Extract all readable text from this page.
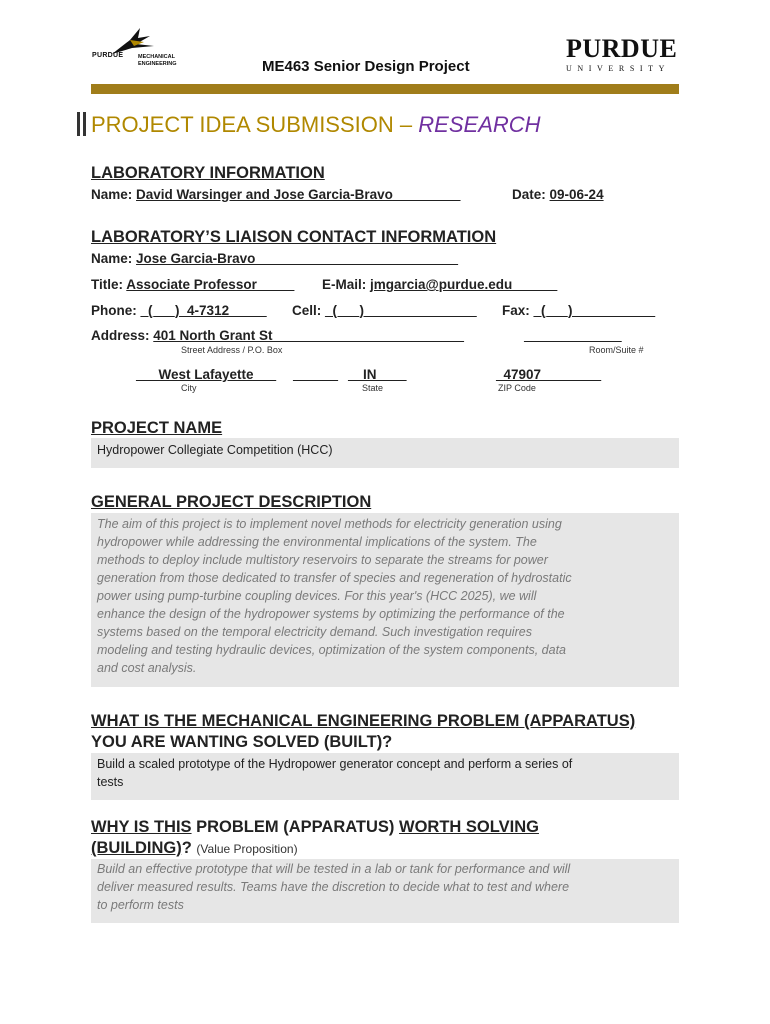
PURDUE	MECHANICAL
ENGINEERING	ME463 Senior Design Project
PURDUE
UNIVERSITY
PROJECT IDEA SUBMISSION – RESEARCH
LABORATORY INFORMATION
Name: David Warsinger and Jose Garcia-Bravo_________	Date: 09-06-24
LABORATORY’S LIAISON CONTACT INFORMATION
Name: Jose Garcia-Bravo___________________________
Title: Associate Professor_____ E-Mail: jmgarcia@purdue.edu______
Phone: _(___)_4-7312_____ Cell: _(___)_______________ Fax: _(___)___________
Address: 401 North Grant St _________________________	_____________
Street Address / P.O. Box	Room/Suite #
___West Lafayette___ ______ __IN____	_47907________
City	State	ZIP Code
PROJECT NAME
Hydropower Collegiate Competition (HCC)
GENERAL PROJECT DESCRIPTION
The aim of this project is to implement novel methods for electricity generation using
hydropower while addressing the environmental implications of the system. The
methods to deploy include multistory reservoirs to separate the streams for power
generation from those dedicated to transfer of species and regeneration of hydrostatic
power using pump-turbine coupling devices. For this year's (HCC 2025), we will
enhance the design of the hydropower systems by optimizing the performance of the
systems based on the temporal electricity demand. Such investigation requires
modeling and testing hydraulic devices, optimization of the system components, data
and cost analysis.
WHAT IS THE MECHANICAL ENGINEERING PROBLEM (APPARATUS)
YOU ARE WANTING SOLVED (BUILT)?
Build a scaled prototype of the Hydropower generator concept and perform a series of
tests
WHY IS THIS PROBLEM (APPARATUS) WORTH SOLVING
(BUILDING)? (Value Proposition)
Build an effective prototype that will be tested in a lab or tank for performance and will
deliver measured results. Teams have the discretion to decide what to test and where
to perform tests
